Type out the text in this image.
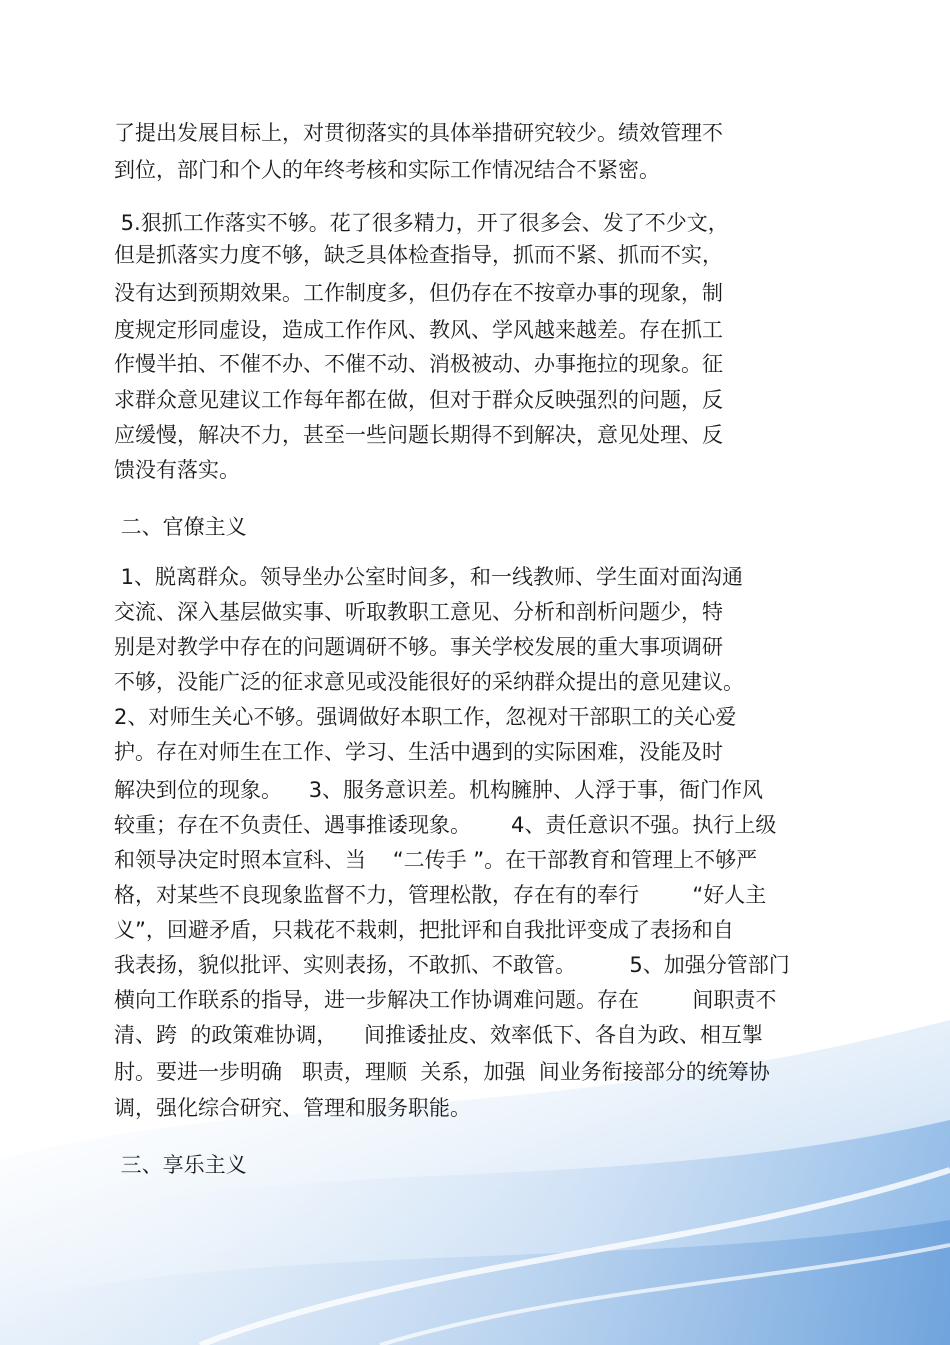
了提出发展目标上，对贯彻落实的具体举措研究较少。绩效管理不
到位，部门和个人的年终考核和实际工作情况结合不紧密。
5.狠抓工作落实不够。花了很多精力，开了很多会、发了不少文，
但是抓落实力度不够，缺乏具体检查指导，抓而不紧、抓而不实，
没有达到预期效果。工作制度多，但仍存在不按章办事的现象，制
度规定形同虚设，造成工作作风、教风、学风越来越差。存在抓工
作慢半拍、不催不办、不催不动、消极被动、办事拖拉的现象。征
求群众意见建议工作每年都在做，但对于群众反映强烈的问题，反
应缓慢，解决不力，甚至一些问题长期得不到解决，意见处理、反
馈没有落实。
二、官僚主义
1、脱离群众。领导坐办公室时间多，和一线教师、学生面对面沟通
交流、深入基层做实事、听取教职工意见、分析和剖析问题少，特
别是对教学中存在的问题调研不够。事关学校发展的重大事项调研
不够，没能广泛的征求意见或没能很好的采纳群众提出的意见建议。
2、对师生关心不够。强调做好本职工作，忽视对干部职工的关心爱
护。存在对师生在工作、学习、生活中遇到的实际困难，没能及时
解决到位的现象。    3、服务意识差。机构臃肿、人浮于事，衙门作风
较重；存在不负责任、遇事推诿现象。      4、责任意识不强。执行上级
和领导决定时照本宣科、当    “二传手 ”。在干部教育和管理上不够严
格，对某些不良现象监督不力，管理松散，存在有的奉行        “好人主
义”，回避矛盾，只栽花不栽刺，把批评和自我批评变成了表扬和自
我表扬，貌似批评、实则表扬，不敢抓、不敢管。        5、加强分管部门
横向工作联系的指导，进一步解决工作协调难问题。存在        间职责不
清、跨  的政策难协调，    间推诿扯皮、效率低下、各自为政、相互掣
肘。要进一步明确   职责，理顺  关系，加强  间业务衔接部分的统筹协
调，强化综合研究、管理和服务职能。
三、享乐主义
